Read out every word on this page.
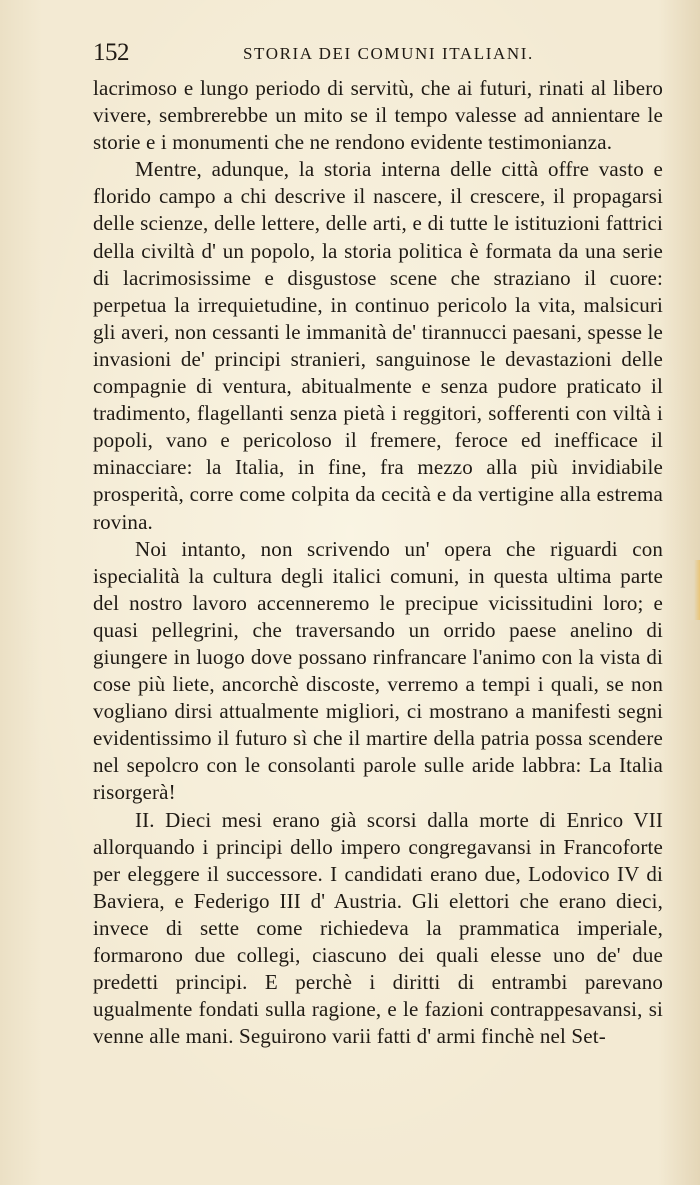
152	STORIA DEI COMUNI ITALIANI.

lacrimoso e lungo periodo di servitù, che ai futuri, rinati al libero vivere, sembrerebbe un mito se il tempo valesse ad annientare le storie e i monumenti che ne rendono evidente testimonianza.

Mentre, adunque, la storia interna delle città offre vasto e florido campo a chi descrive il nascere, il crescere, il propagarsi delle scienze, delle lettere, delle arti, e di tutte le istituzioni fattrici della civiltà d' un popolo, la storia politica è formata da una serie di lacrimosissime e disgustose scene che straziano il cuore: perpetua la irrequietudine, in continuo pericolo la vita, malsicuri gli averi, non cessanti le immanità de' tirannucci paesani, spesse le invasioni de' principi stranieri, sanguinose le devastazioni delle compagnie di ventura, abitualmente e senza pudore praticato il tradimento, flagellanti senza pietà i reggitori, sofferenti con viltà i popoli, vano e pericoloso il fremere, feroce ed inefficace il minacciare: la Italia, in fine, fra mezzo alla più invidiabile prosperità, corre come colpita da cecità e da vertigine alla estrema rovina.

Noi intanto, non scrivendo un' opera che riguardi con ispecialità la cultura degli italici comuni, in questa ultima parte del nostro lavoro accenneremo le precipue vicissitudini loro; e quasi pellegrini, che traversando un orrido paese anelino di giungere in luogo dove possano rinfrancare l'animo con la vista di cose più liete, ancorchè discoste, verremo a tempi i quali, se non vogliano dirsi attualmente migliori, ci mostrano a manifesti segni evidentissimo il futuro sì che il martire della patria possa scendere nel sepolcro con le consolanti parole sulle aride labbra: La Italia risorgerà!

II. Dieci mesi erano già scorsi dalla morte di Enrico VII allorquando i principi dello impero congregavansi in Francoforte per eleggere il successore. I candidati erano due, Lodovico IV di Baviera, e Federigo III d' Austria. Gli elettori che erano dieci, invece di sette come richiedeva la prammatica imperiale, formarono due collegi, ciascuno dei quali elesse uno de' due predetti principi. E perchè i diritti di entrambi parevano ugualmente fondati sulla ragione, e le fazioni contrappesavansi, si venne alle mani. Seguirono varii fatti d' armi finchè nel Set-
